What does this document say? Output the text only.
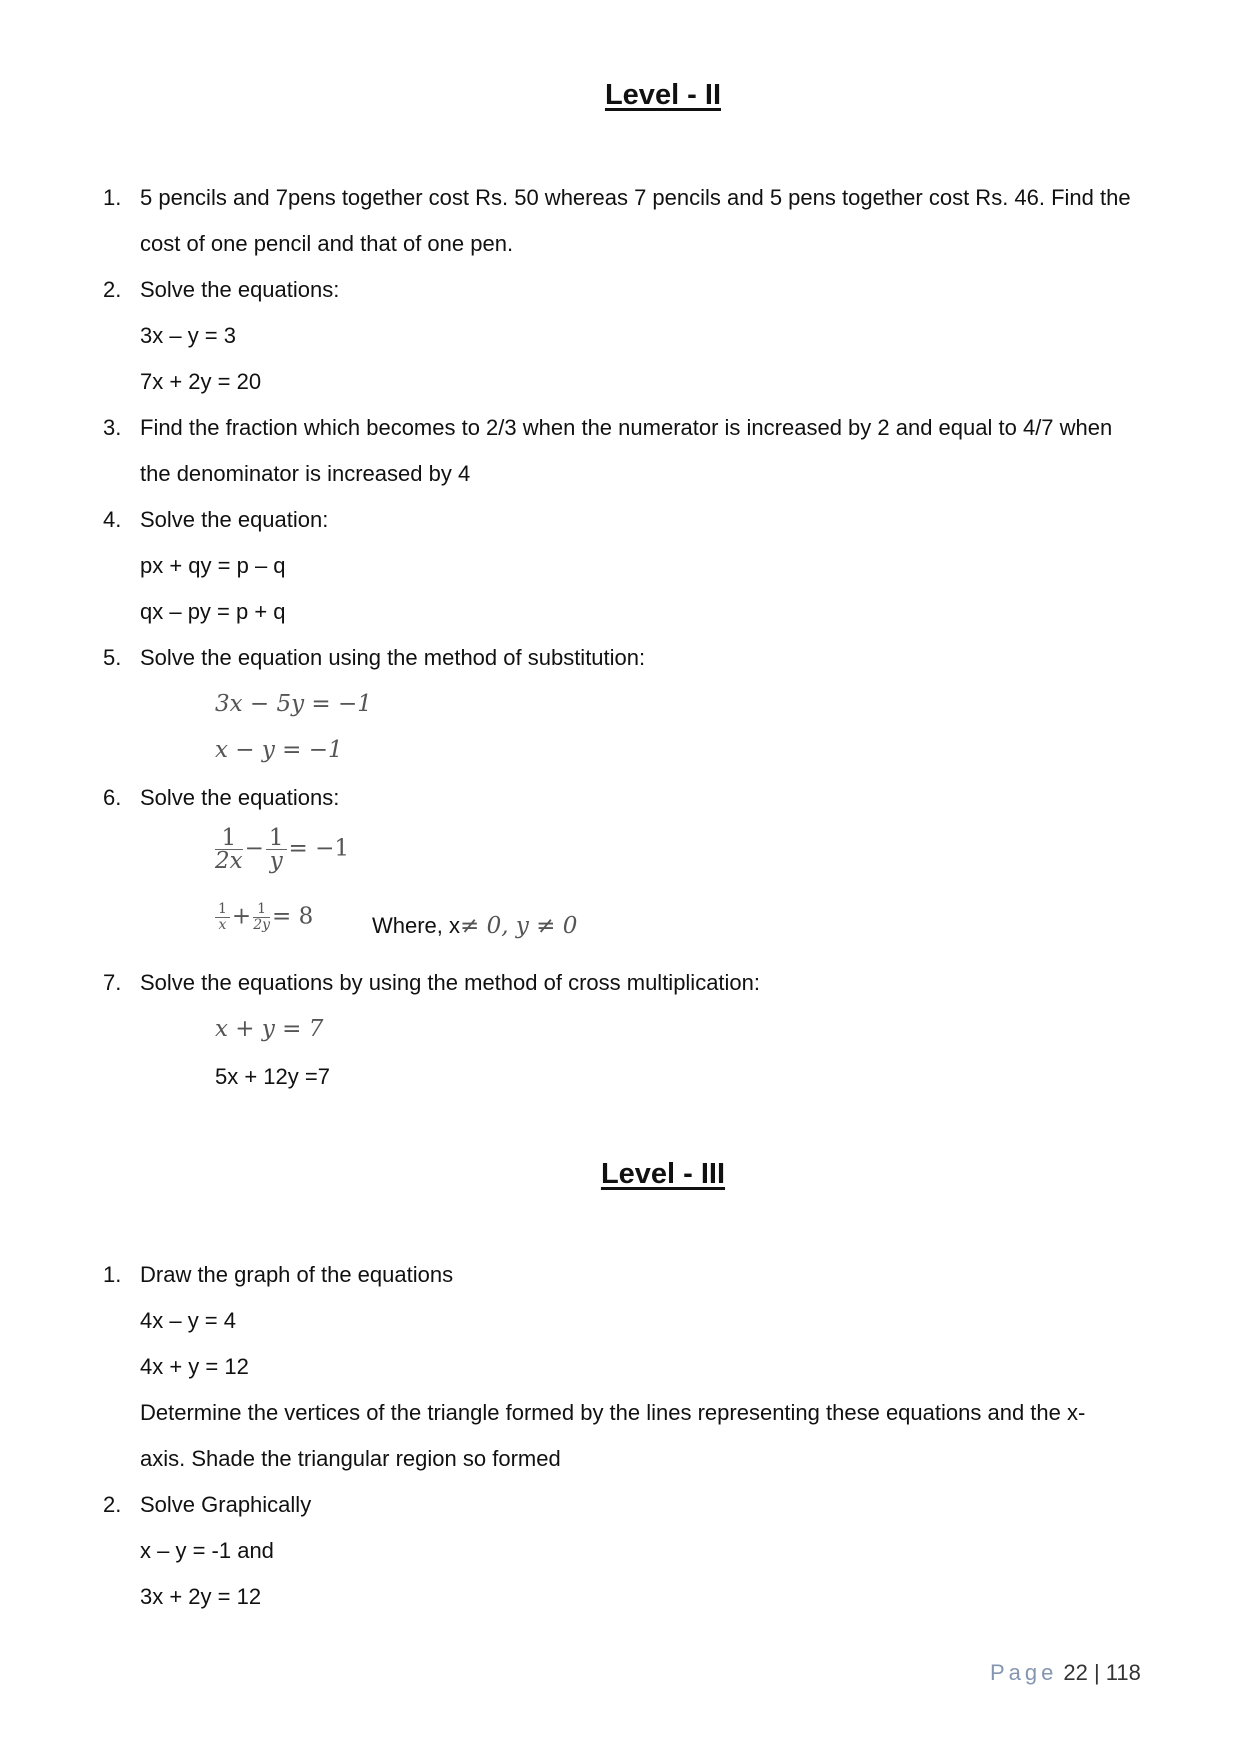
Level - II
1. 5 pencils and 7pens together cost Rs. 50 whereas 7 pencils and 5 pens together cost Rs. 46. Find the
cost of one pencil and that of one pen.
2. Solve the equations:
3x – y = 3
7x + 2y = 20
3. Find the fraction which becomes to 2/3 when the numerator is increased by 2 and equal to 4/7 when
the denominator is increased by 4
4. Solve the equation:
px + qy = p – q
qx – py = p + q
5. Solve the equation using the method of substitution:
3x − 5y = −1
x − y = −1
6. Solve the equations:
$\frac{1}{2x} - \frac{1}{y} = -1$
$\frac{1}{x} + \frac{1}{2y} = 8$	Where, x≠ 0, y ≠ 0
7. Solve the equations by using the method of cross multiplication:
x + y = 7
5x + 12y =7
Level - III
1. Draw the graph of the equations
4x – y = 4
4x + y = 12
Determine the vertices of the triangle formed by the lines representing these equations and the x-
axis. Shade the triangular region so formed
2. Solve Graphically
x – y = -1 and
3x + 2y = 12
Page 22 | 118
